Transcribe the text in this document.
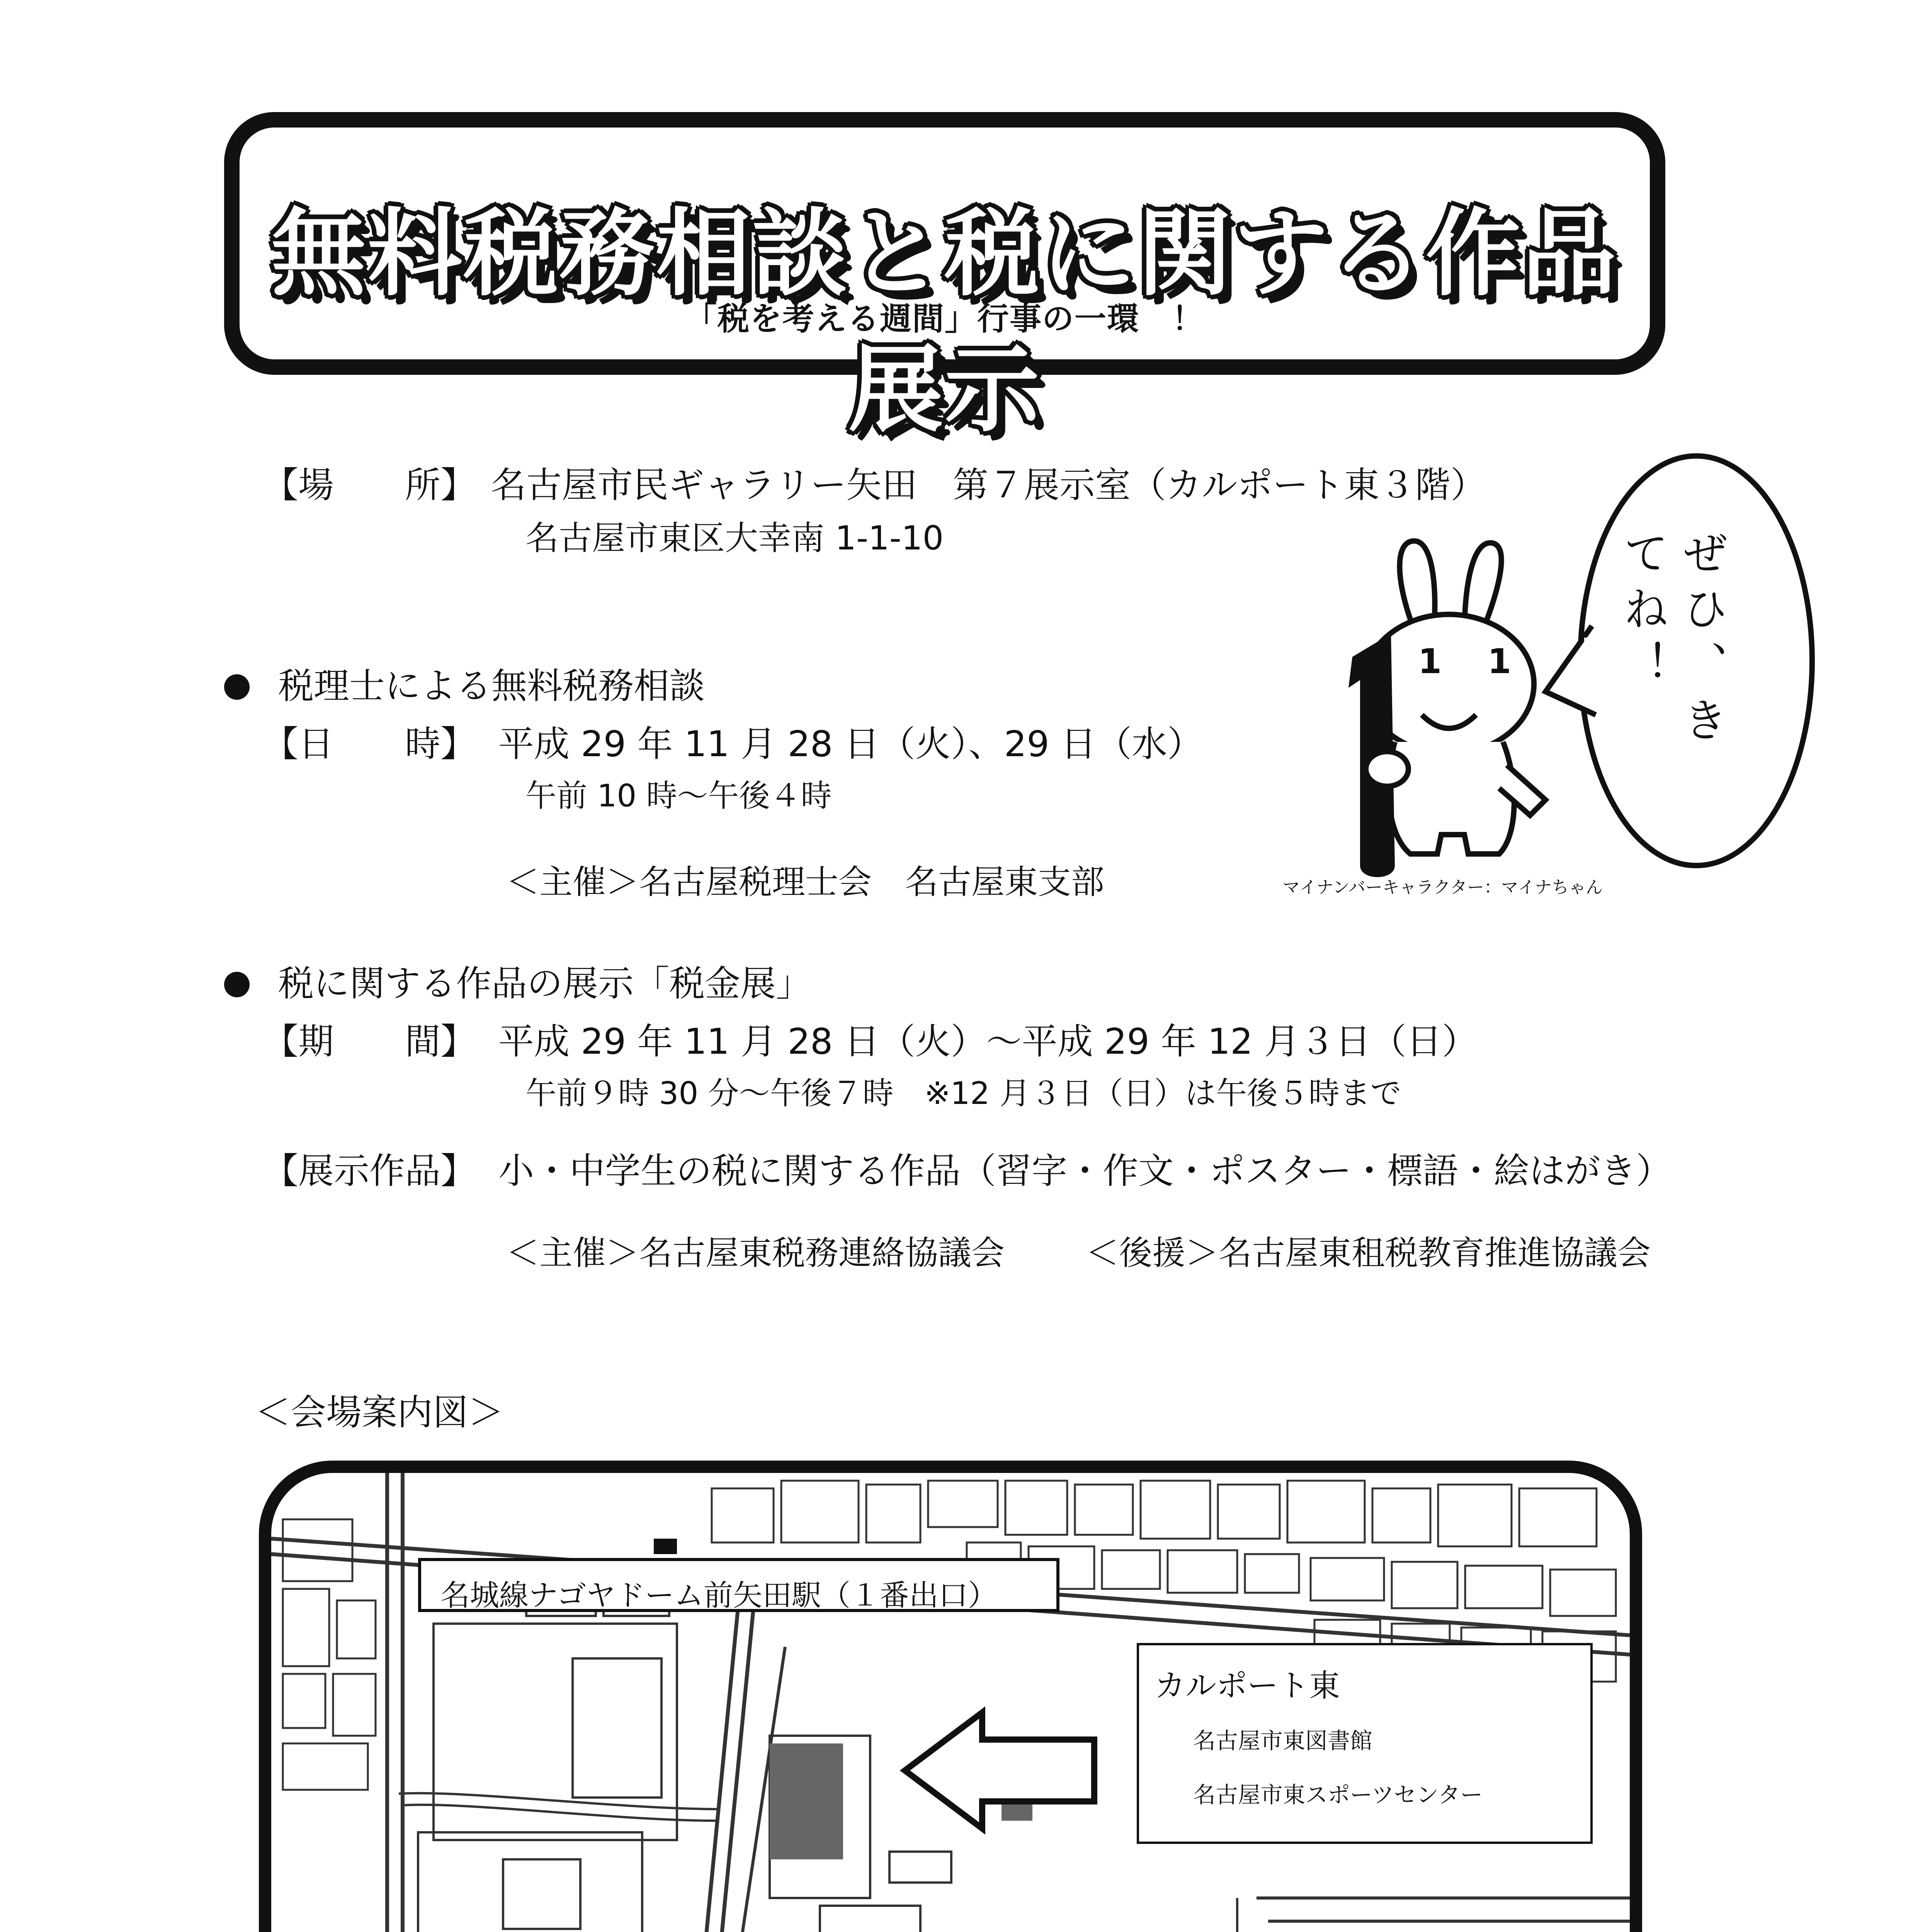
無料税務相談と税に関する作品展示
「税を考える週間」行事の一環　！
【場　　所】 名古屋市民ギャラリー矢田　第７展示室（カルポート東３階）
名古屋市東区大幸南 1-1-10
税理士による無料税務相談
【日　　時】 平成 29 年 11 月 28 日（火）、29 日（水）
午前 10 時～午後４時
＜主催＞名古屋税理士会　名古屋東支部
1 1	ぜひ、きてね！
マイナンバーキャラクター：マイナちゃん
税に関する作品の展示「税金展」
【期　　間】 平成 29 年 11 月 28 日（火）～平成 29 年 12 月３日（日）
午前９時 30 分～午後７時　※12 月３日（日）は午後５時まで
【展示作品】 小・中学生の税に関する作品（習字・作文・ポスター・標語・絵はがき）
＜主催＞名古屋東税務連絡協議会 ＜後援＞名古屋東租税教育推進協議会
＜会場案内図＞
名城線ナゴヤドーム前矢田駅（１番出口）
カルポート東
名古屋市東図書館
名古屋市東スポーツセンター
